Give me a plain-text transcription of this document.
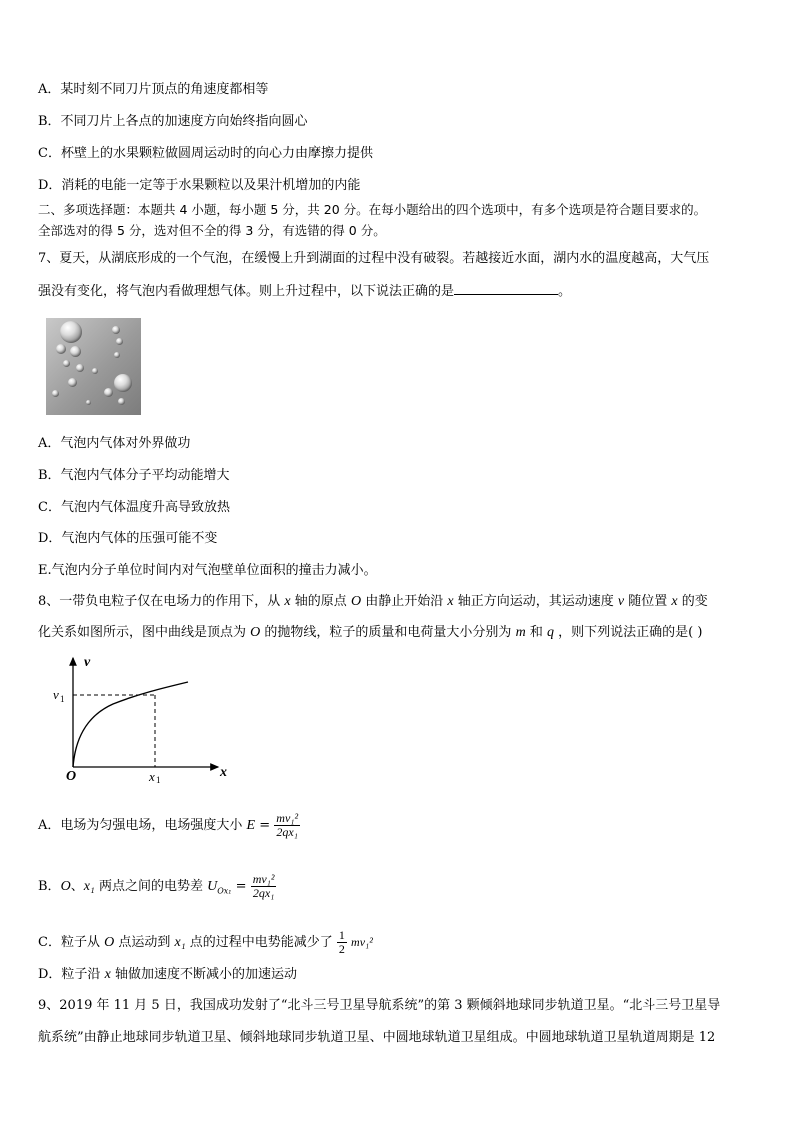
A．某时刻不同刀片顶点的角速度都相等
B．不同刀片上各点的加速度方向始终指向圆心
C．杯壁上的水果颗粒做圆周运动时的向心力由摩擦力提供
D．消耗的电能一定等于水果颗粒以及果汁机增加的内能
二、多项选择题：本题共 4 小题，每小题 5 分，共 20 分。在每小题给出的四个选项中，有多个选项是符合题目要求的。
全部选对的得 5 分，选对但不全的得 3 分，有选错的得 0 分。
7、夏天，从湖底形成的一个气泡，在缓慢上升到湖面的过程中没有破裂。若越接近水面，湖内水的温度越高，大气压
强没有变化，将气泡内看做理想气体。则上升过程中，以下说法正确的是	。
A．气泡内气体对外界做功
B．气泡内气体分子平均动能增大
C．气泡内气体温度升高导致放热
D．气泡内气体的压强可能不变
E.气泡内分子单位时间内对气泡壁单位面积的撞击力减小。
8、一带负电粒子仅在电场力的作用下，从 x 轴的原点 O 由静止开始沿 x 轴正方向运动，其运动速度 v 随位置 x 的变
化关系如图所示，图中曲线是顶点为 O 的抛物线，粒子的质量和电荷量大小分别为 m 和 q ，则下列说法正确的是( )
v
x
O
v 1
x 1
A．电场为匀强电场，电场强度大小 $E = \frac{\text{mv₁²}}{\text{2qx₁}}$
B．O、x₁ 两点之间的电势差 $U_{Ox_1} = \frac{\text{mv₁²}}{\text{2qx₁}}$
C．粒子从 O 点运动到 x₁ 点的过程中电势能减少了 $\frac{1}{2} mv_1^2$
D．粒子沿 x 轴做加速度不断减小的加速运动
9、2019 年 11 月 5 日，我国成功发射了“北斗三号卫星导航系统”的第 3 颗倾斜地球同步轨道卫星。“北斗三号卫星导
航系统”由静止地球同步轨道卫星、倾斜地球同步轨道卫星、中圆地球轨道卫星组成。中圆地球轨道卫星轨道周期是 12
